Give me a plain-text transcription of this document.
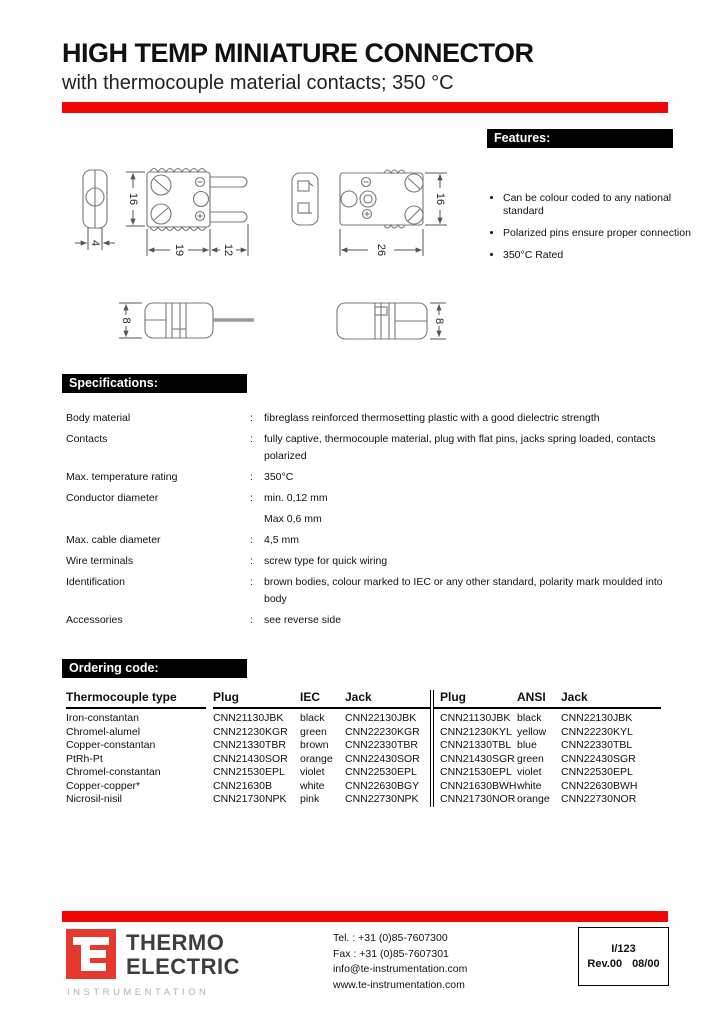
HIGH TEMP MINIATURE CONNECTOR
with thermocouple material contacts; 350 °C
Features:
• Can be colour coded to any national standard
• Polarized pins ensure proper connection
• 350°C Rated
16
4
19	12
16
26
8	8
Specifications:
Body material	:	fibreglass reinforced thermosetting plastic with a good dielectric strength
Contacts	:	fully captive, thermocouple material, plug with flat pins, jacks spring loaded, contacts polarized
Max. temperature rating	:	350°C
Conductor diameter	:	min. 0,12 mm
Max 0,6 mm
Max. cable diameter	:	4,5 mm
Wire terminals	:	screw type for quick wiring
Identification	:	brown bodies, colour marked to IEC or any other standard, polarity mark moulded into body
Accessories	:	see reverse side
Ordering code:
Thermocouple type		Plug	IEC	Jack	Plug	ANSI	Jack
Iron-constantan		CNN21130JBK	black	CNN22130JBK	CNN21130JBK	black	CNN22130JBK
Chromel-alumel		CNN21230KGR	green	CNN22230KGR	CNN21230KYL	yellow	CNN22230KYL
Copper-constantan		CNN21330TBR	brown	CNN22330TBR	CNN21330TBL	blue	CNN22330TBL
PtRh-Pt		CNN21430SOR	orange	CNN22430SOR	CNN21430SGR	green	CNN22430SGR
Chromel-constantan		CNN21530EPL	violet	CNN22530EPL	CNN21530EPL	violet	CNN22530EPL
Copper-copper*		CNN21630B	white	CNN22630BGY	CNN21630BWH	white	CNN22630BWH
Nicrosil-nisil		CNN21730NPK	pink	CNN22730NPK	CNN21730NOR	orange	CNN22730NOR
THERMO
ELECTRIC
INSTRUMENTATION
Tel. : +31 (0)85-7607300
Fax : +31 (0)85-7607301
info@te-instrumentation.com
www.te-instrumentation.com
I/123
Rev.00 08/00
